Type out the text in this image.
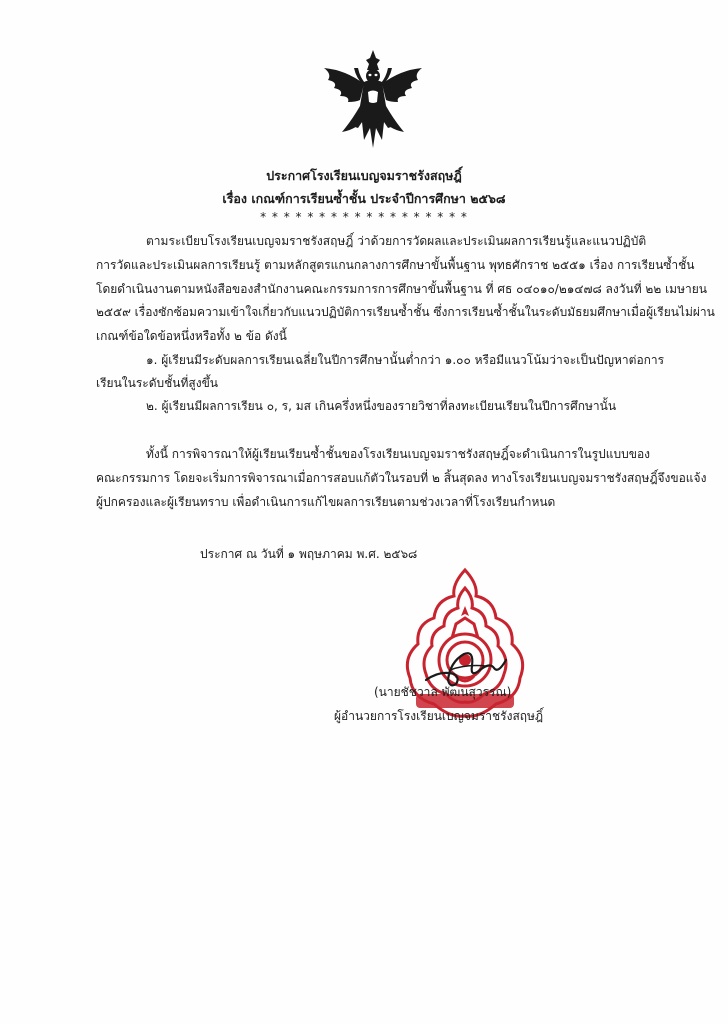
ประกาศโรงเรียนเบญจมราชรังสฤษฎิ์
เรื่อง เกณฑ์การเรียนซ้ำชั้น ประจำปีการศึกษา ๒๕๖๘
* * * * * * * * * * * * * * * * * *
ตามระเบียบโรงเรียนเบญจมราชรังสฤษฎิ์ ว่าด้วยการวัดผลและประเมินผลการเรียนรู้และแนวปฏิบัติ
การวัดและประเมินผลการเรียนรู้ ตามหลักสูตรแกนกลางการศึกษาขั้นพื้นฐาน พุทธศักราช ๒๕๕๑ เรื่อง การเรียนซ้ำชั้น
โดยดำเนินงานตามหนังสือของสำนักงานคณะกรรมการการศึกษาขั้นพื้นฐาน ที่ ศธ ๐๔๐๑๐/๒๑๔๗๘ ลงวันที่ ๒๒ เมษายน
๒๕๕๙ เรื่องซักซ้อมความเข้าใจเกี่ยวกับแนวปฏิบัติการเรียนซ้ำชั้น ซึ่งการเรียนซ้ำชั้นในระดับมัธยมศึกษาเมื่อผู้เรียนไม่ผ่าน
เกณฑ์ข้อใดข้อหนึ่งหรือทั้ง ๒ ข้อ ดังนี้
๑. ผู้เรียนมีระดับผลการเรียนเฉลี่ยในปีการศึกษานั้นต่ำกว่า ๑.๐๐ หรือมีแนวโน้มว่าจะเป็นปัญหาต่อการ
เรียนในระดับชั้นที่สูงขึ้น
๒. ผู้เรียนมีผลการเรียน ๐, ร, มส เกินครึ่งหนึ่งของรายวิชาที่ลงทะเบียนเรียนในปีการศึกษานั้น
ทั้งนี้ การพิจารณาให้ผู้เรียนเรียนซ้ำชั้นของโรงเรียนเบญจมราชรังสฤษฎิ์จะดำเนินการในรูปแบบของ
คณะกรรมการ โดยจะเริ่มการพิจารณาเมื่อการสอบแก้ตัวในรอบที่ ๒ สิ้นสุดลง ทางโรงเรียนเบญจมราชรังสฤษฎิ์จึงขอแจ้ง
ผู้ปกครองและผู้เรียนทราบ เพื่อดำเนินการแก้ไขผลการเรียนตามช่วงเวลาที่โรงเรียนกำหนด
ประกาศ ณ วันที่ ๑ พฤษภาคม พ.ศ. ๒๕๖๘
(นายชัชวาล พัฒนสุวรรณ)
ผู้อำนวยการโรงเรียนเบญจมราชรังสฤษฎิ์
